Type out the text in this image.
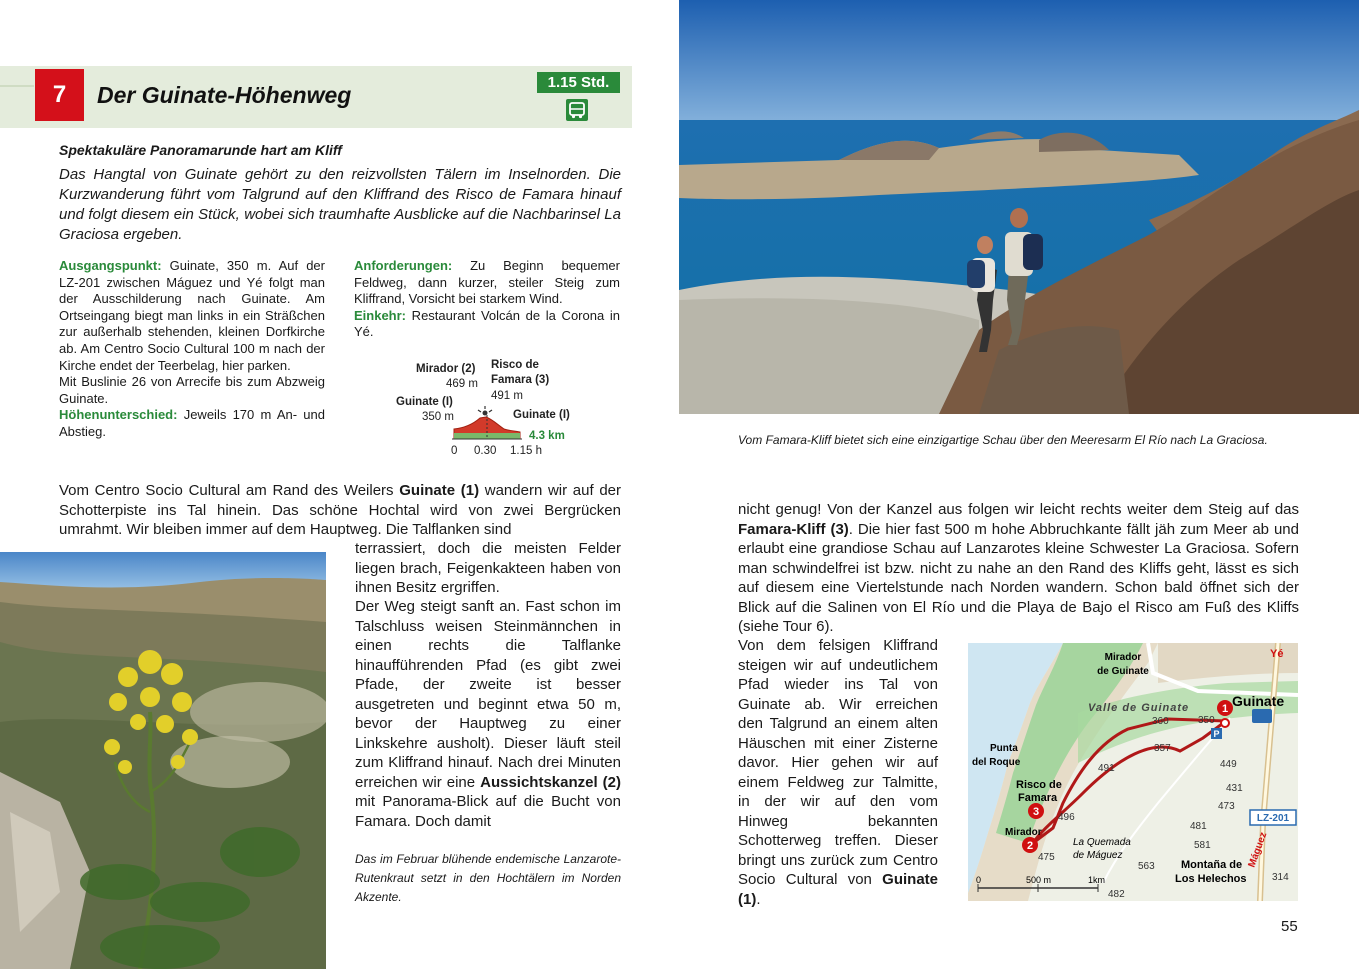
7	Der Guinate-Höhenweg	1.15 Std.
Spektakuläre Panoramarunde hart am Kliff

Das Hangtal von Guinate gehört zu den reizvollsten Tälern im Inselnorden. Die Kurzwanderung führt vom Talgrund auf den Kliffrand des Risco de Famara hinauf und folgt diesem ein Stück, wobei sich traumhafte Ausblicke auf die Nachbarinsel La Graciosa ergeben.

Ausgangspunkt: Guinate, 350 m. Auf der LZ-201 zwischen Máguez und Yé folgt man der Ausschilderung nach Guinate. Am Ortseingang biegt man links in ein Sträßchen zur außerhalb stehenden, kleinen Dorfkirche ab. Am Centro Socio Cultural 100 m nach der Kirche endet der Teerbelag, hier parken.
Mit Buslinie 26 von Arrecife bis zum Abzweig Guinate.
Höhenunterschied: Jeweils 170 m An- und Abstieg.

Anforderungen: Zu Beginn bequemer Feldweg, dann kurzer, steiler Steig zum Kliffrand, Vorsicht bei starkem Wind.
Einkehr: Restaurant Volcán de la Corona in Yé.

Mirador (2)
469 m
Risco de
Famara (3)
491 m
Guinate (I)
350 m	Guinate (I)
4.3 km
0 0.30 1.15 h

Vom Centro Socio Cultural am Rand des Weilers Guinate (1) wandern wir auf der Schotterpiste ins Tal hinein. Das schöne Hochtal wird von zwei Bergrücken umrahmt. Wir bleiben immer auf dem Hauptweg. Die Talflanken sind

terrassiert, doch die meisten Felder liegen brach, Feigenkakteen haben von ihnen Besitz ergriffen.

Der Weg steigt sanft an. Fast schon im Talschluss weisen Steinmännchen in einen rechts die Talflanke hinaufführenden Pfad (es gibt zwei Pfade, der zweite ist besser ausgetreten und beginnt etwa 50 m, bevor der Hauptweg zu einer Linkskehre ausholt). Dieser läuft steil zum Kliffrand hinauf. Nach drei Minuten erreichen wir eine Aussichtskanzel (2) mit Panorama-Blick auf die Bucht von Famara. Doch damit

Das im Februar blühende endemische Lanzarote-Rutenkraut setzt in den Hochtälern im Norden Akzente.

Vom Famara-Kliff bietet sich eine einzigartige Schau über den Meeresarm El Río nach La Graciosa.

nicht genug! Von der Kanzel aus folgen wir leicht rechts weiter dem Steig auf das Famara-Kliff (3). Die hier fast 500 m hohe Abbruchkante fällt jäh zum Meer ab und erlaubt eine grandiose Schau auf Lanzarotes kleine Schwester La Graciosa. Sofern man schwindelfrei ist bzw. nicht zu nahe an den Rand des Kliffs geht, lässt es sich auf diesem eine Viertelstunde nach Norden wandern. Schon bald öffnet sich der Blick auf die Salinen von El Río und die Playa de Bajo el Risco am Fuß des Kliffs (siehe Tour 6).

Von dem felsigen Kliffrand steigen wir auf undeutlichem Pfad wieder ins Tal von Guinate ab. Wir erreichen den Talgrund an einem alten Häuschen mit einer Zisterne davor. Hier gehen wir auf einem Feldweg zur Talmitte, in der wir auf den vom Hinweg bekannten Schotterweg treffen. Dieser bringt uns zurück zum Centro Socio Cultural von Guinate (1).

1
3
2
P
Mirador
de Guinate
Valle de Guinate	Guinate
Yé
Punta
del Roque
Risco de
Famara
Mirador
La Quemada
de Máguez
Montaña de
Los Helechos
LZ-201
Máguez
360	350
357
491	449
473
431
496
481
581
475
563
482
314
0	500 m	1km
55
